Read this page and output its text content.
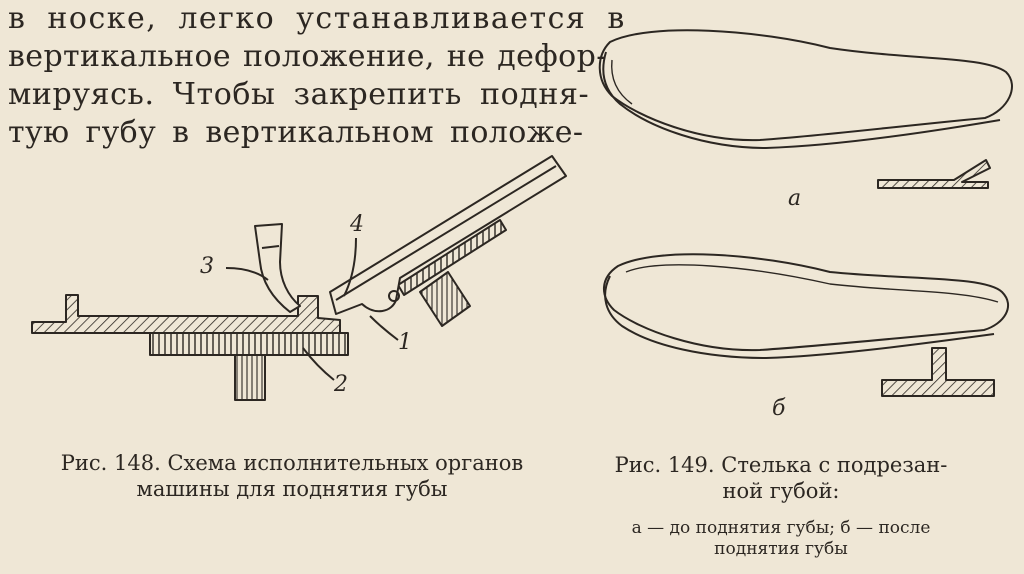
в носке, легко устанавливается в
вертикальное положение, не дефор-
мируясь. Чтобы закрепить подня-
тую губу в вертикальном положе-
3
4
1
2
а
б
Рис. 148. Схема исполнительных органов
машины для поднятия губы
Рис. 149. Стелька с подрезан-
ной губой:
а — до поднятия губы; б — после
поднятия губы
